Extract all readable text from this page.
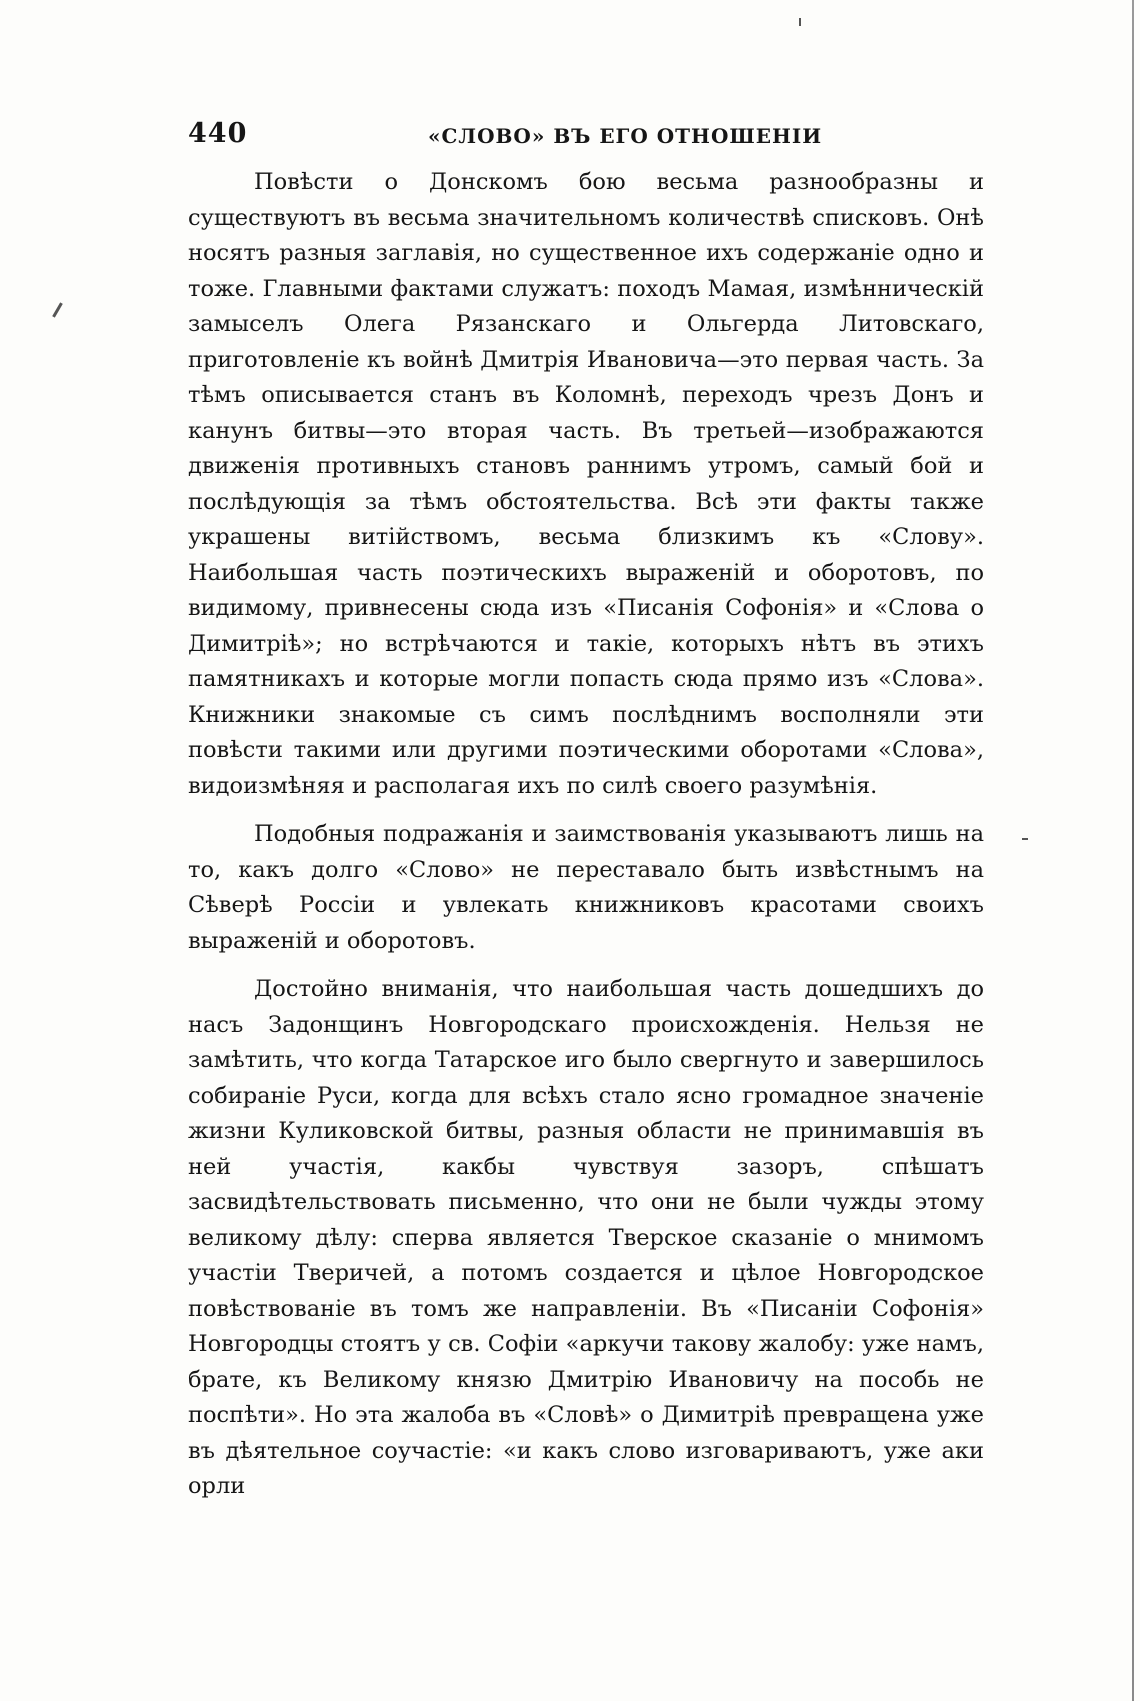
440	«СЛОВО» ВЪ ЕГО ОТНОШЕНІИ

Повѣсти о Донскомъ бою весьма разнообразны и существуютъ въ весьма значительномъ количествѣ списковъ. Онѣ носятъ разныя заглавія, но существенное ихъ содержаніе одно и тоже. Главными фактами служатъ: походъ Мамая, измѣнническій замыселъ Олега Рязанскаго и Ольгерда Литовскаго, приготовленіе къ войнѣ Дмитрія Ивановича—это первая часть. За тѣмъ описывается станъ въ Коломнѣ, переходъ чрезъ Донъ и канунъ битвы—это вторая часть. Въ третьей—изображаются движенія противныхъ становъ раннимъ утромъ, самый бой и послѣдующія за тѣмъ обстоятельства. Всѣ эти факты также украшены витійствомъ, весьма близкимъ къ «Слову». Наибольшая часть поэтическихъ выраженій и оборотовъ, по видимому, привнесены сюда изъ «Писанія Софонія» и «Слова о Димитріѣ»; но встрѣчаются и такіе, которыхъ нѣтъ въ этихъ памятникахъ и которые могли попасть сюда прямо изъ «Слова». Книжники знакомые съ симъ послѣднимъ восполняли эти повѣсти такими или другими поэтическими оборотами «Слова», видоизмѣняя и располагая ихъ по силѣ своего разумѣнія.

Подобныя подражанія и заимствованія указываютъ лишь на то, какъ долго «Слово» не переставало быть извѣстнымъ на Сѣверѣ Россіи и увлекать книжниковъ красотами своихъ выраженій и оборотовъ.

Достойно вниманія, что наибольшая часть дошедшихъ до насъ Задонщинъ Новгородскаго происхожденія. Нельзя не замѣтить, что когда Татарское иго было свергнуто и завершилось собираніе Руси, когда для всѣхъ стало ясно громадное значеніе жизни Куликовской битвы, разныя области не принимавшія въ ней участія, какбы чувствуя зазоръ, спѣшатъ засвидѣтельствовать письменно, что они не были чужды этому великому дѣлу: сперва является Тверское сказаніе о мнимомъ участіи Тверичей, а потомъ создается и цѣлое Новгородское повѣствованіе въ томъ же направленіи. Въ «Писаніи Софонія» Новгородцы стоятъ у св. Софіи «аркучи такову жалобу: уже намъ, брате, къ Великому князю Дмитрію Ивановичу на пособь не поспѣти». Но эта жалоба въ «Словѣ» о Димитріѣ превращена уже въ дѣятельное соучастіе: «и какъ слово изговариваютъ, уже аки орли
